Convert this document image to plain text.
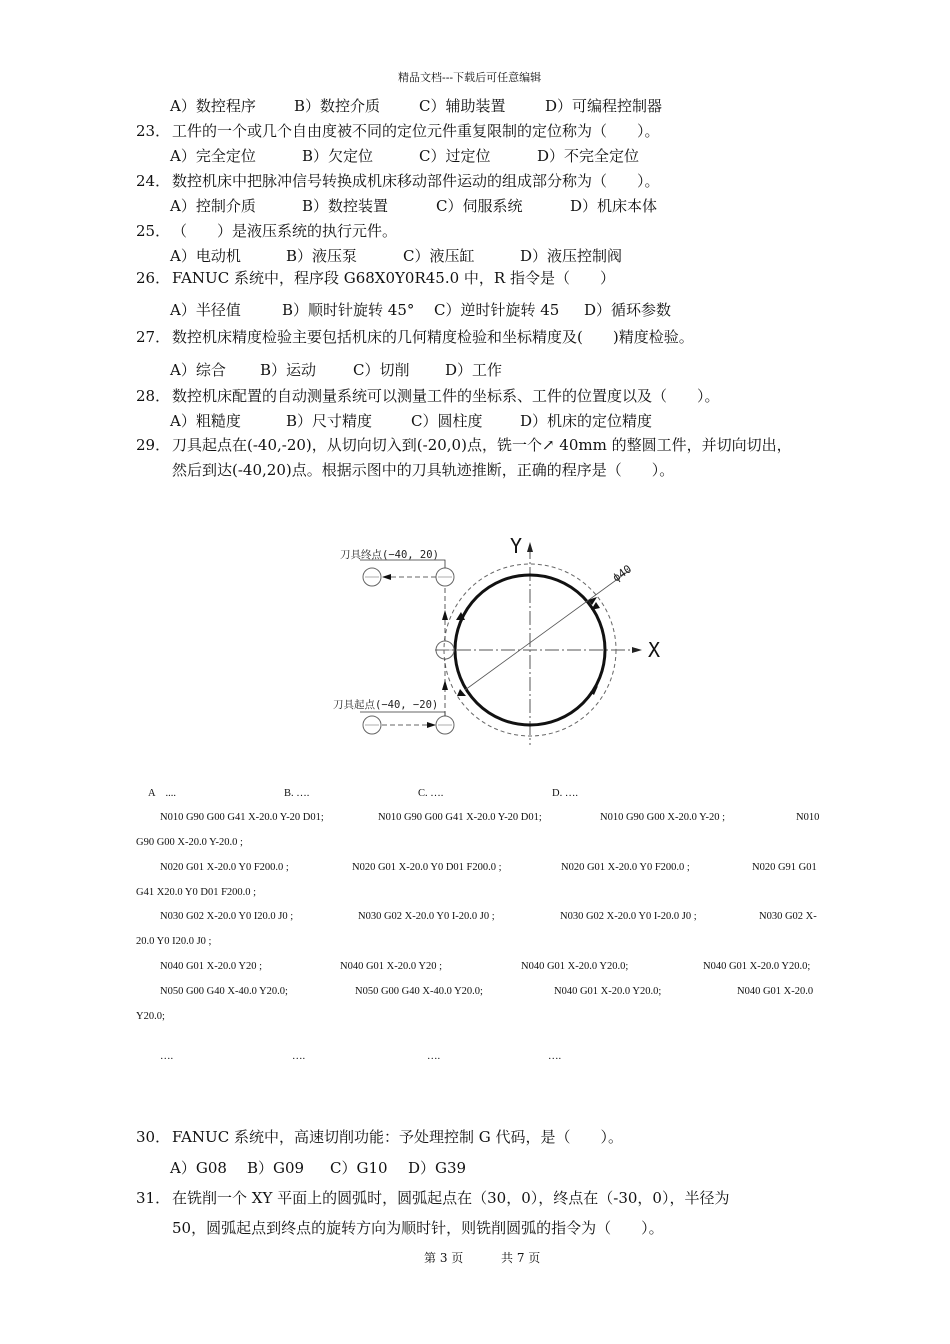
精品文档---下载后可任意编辑
A）数控程序	B）数控介质	C）辅助装置	D）可编程控制器
23． 工件的一个或几个自由度被不同的定位元件重复限制的定位称为（　　）。
A）完全定位	B）欠定位	C）过定位	D）不完全定位
24． 数控机床中把脉冲信号转换成机床移动部件运动的组成部分称为（　　）。
A）控制介质	B）数控装置	C）伺服系统	D）机床本体
25． （　　）是液压系统的执行元件。
A）电动机	B）液压泵	C）液压缸	D）液压控制阀
26． FANUC 系统中，程序段 G68X0Y0R45.0 中，R 指令是（　　）
A）半径值	B）顺时针旋转 45° C）逆时针旋转 45 D）循环参数
27． 数控机床精度检验主要包括机床的几何精度检验和坐标精度及(　　)精度检验。
A）综合 B）运动 C）切削 D）工作
28． 数控机床配置的自动测量系统可以测量工件的坐标系、工件的位置度以及（　　）。
A）粗糙度	B）尺寸精度	C）圆柱度	D）机床的定位精度
29． 刀具起点在(-40,-20)，从切向切入到(-20,0)点，铣一个↗ 40mm 的整圆工件，并切向切出，
然后到达(-40,20)点。根据示图中的刀具轨迹推断，正确的程序是（　　）。
Y
X
ϕ40
刀具终点(−40, 20)
刀具起点(−40, −20)
A　....	B. ….	C. ….	D. ….
N010 G90 G00 G41 X-20.0 Y-20 D01;	N010 G90 G00 G41 X-20.0 Y-20 D01;	N010 G90 G00 X-20.0 Y-20 ;	N010
G90 G00 X-20.0 Y-20.0 ;
N020 G01 X-20.0 Y0 F200.0 ;	N020 G01 X-20.0 Y0 D01 F200.0 ;	N020 G01 X-20.0 Y0 F200.0 ;	N020 G91 G01
G41 X20.0 Y0 D01 F200.0 ;
N030 G02 X-20.0 Y0 I20.0 J0 ;	N030 G02 X-20.0 Y0 I-20.0 J0 ;	N030 G02 X-20.0 Y0 I-20.0 J0 ;	N030 G02 X-
20.0 Y0 I20.0 J0 ;
N040 G01 X-20.0 Y20 ;	N040 G01 X-20.0 Y20 ;	N040 G01 X-20.0 Y20.0;	N040 G01 X-20.0 Y20.0;
N050 G00 G40 X-40.0 Y20.0;	N050 G00 G40 X-40.0 Y20.0;	N040 G01 X-20.0 Y20.0;	N040 G01 X-20.0
Y20.0;
….	….	….	….
30． FANUC 系统中，高速切削功能：予处理控制 G 代码，是（　　）。
A）G08 B）G09 C）G10 D）G39
31． 在铣削一个 XY 平面上的圆弧时，圆弧起点在（30，0），终点在（-30，0），半径为
50，圆弧起点到终点的旋转方向为顺时针，则铣削圆弧的指令为（　　）。
第 3 页	共 7 页
